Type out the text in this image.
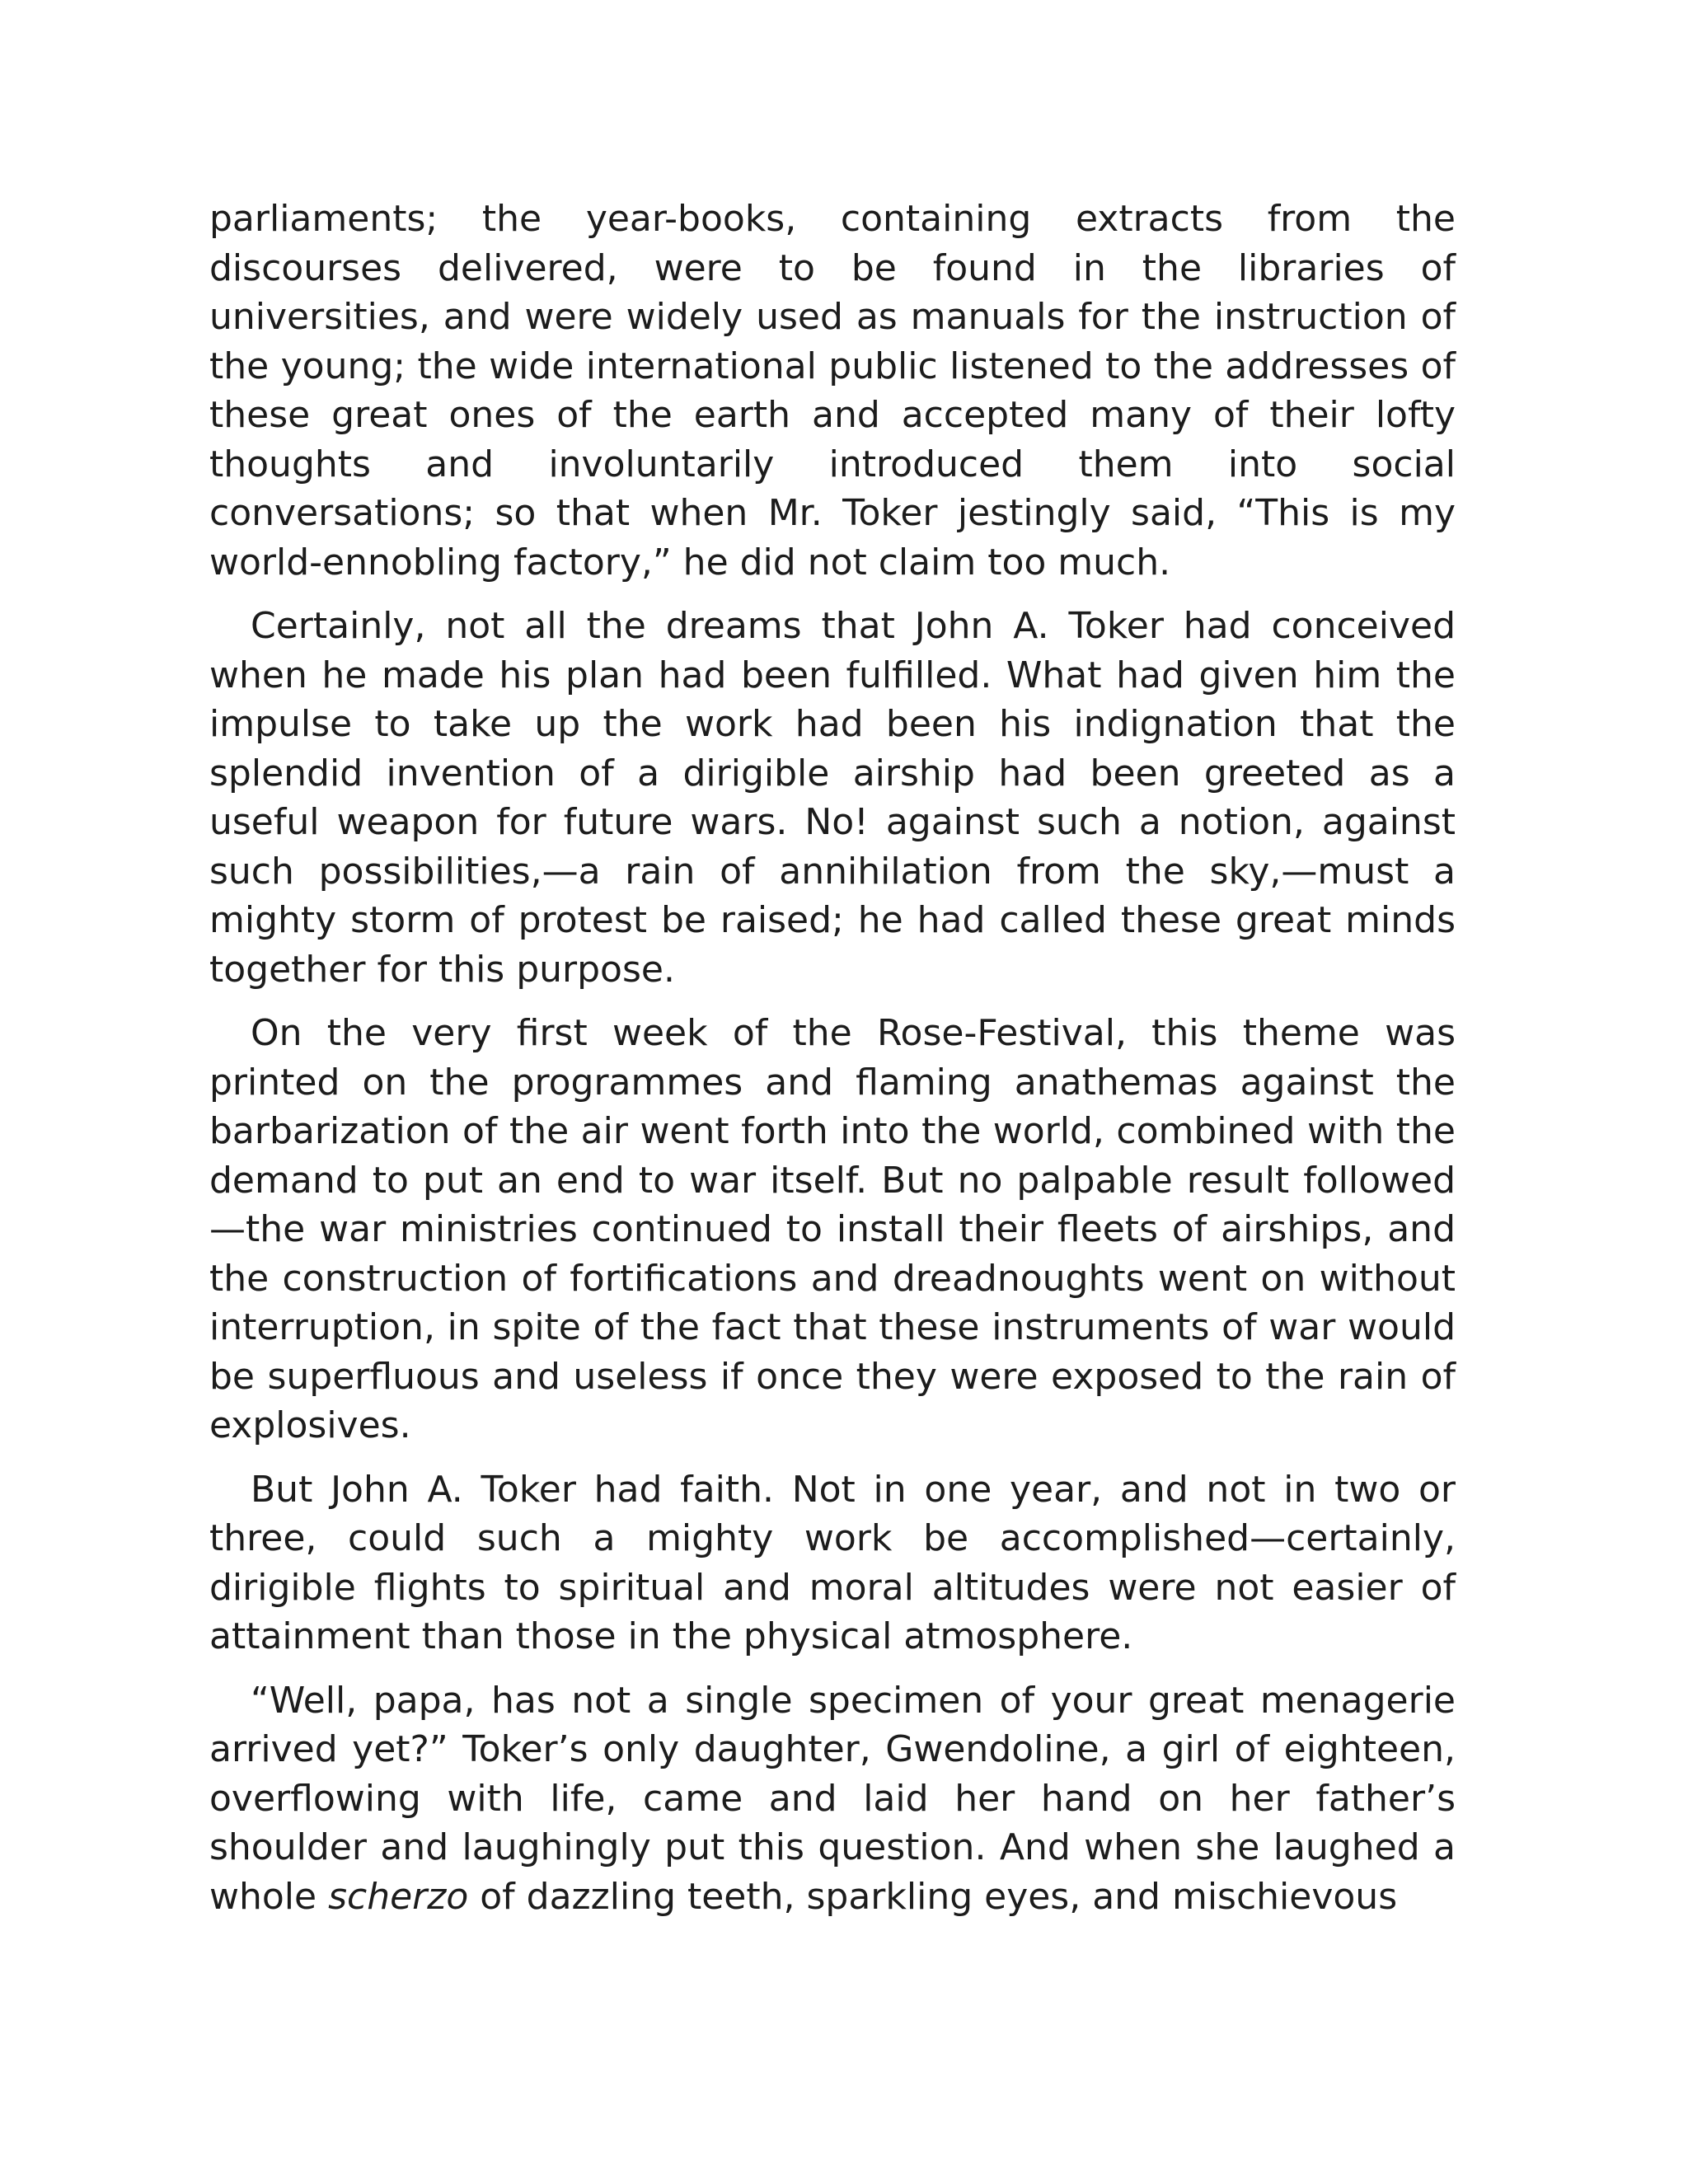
parliaments; the year-books, containing extracts from the discourses delivered, were to be found in the libraries of universities, and were widely used as manuals for the instruction of the young; the wide international public listened to the addresses of these great ones of the earth and accepted many of their lofty thoughts and involuntarily introduced them into social conversations; so that when Mr. Toker jestingly said, “This is my world-ennobling factory,” he did not claim too much.

Certainly, not all the dreams that John A. Toker had conceived when he made his plan had been fulfilled. What had given him the impulse to take up the work had been his indignation that the splendid invention of a dirigible airship had been greeted as a useful weapon for future wars. No! against such a notion, against such possibilities,—a rain of annihilation from the sky,—must a mighty storm of protest be raised; he had called these great minds together for this purpose.

On the very first week of the Rose-Festival, this theme was printed on the programmes and flaming anathemas against the barbarization of the air went forth into the world, combined with the demand to put an end to war itself. But no palpable result followed—the war ministries continued to install their fleets of airships, and the construction of fortifications and dreadnoughts went on without interruption, in spite of the fact that these instruments of war would be superfluous and useless if once they were exposed to the rain of explosives.

But John A. Toker had faith. Not in one year, and not in two or three, could such a mighty work be accomplished—certainly, dirigible flights to spiritual and moral altitudes were not easier of attainment than those in the physical atmosphere.

“Well, papa, has not a single specimen of your great menagerie arrived yet?” Toker’s only daughter, Gwendoline, a girl of eighteen, overflowing with life, came and laid her hand on her father’s shoulder and laughingly put this question. And when she laughed a whole scherzo of dazzling teeth, sparkling eyes, and mischievous
